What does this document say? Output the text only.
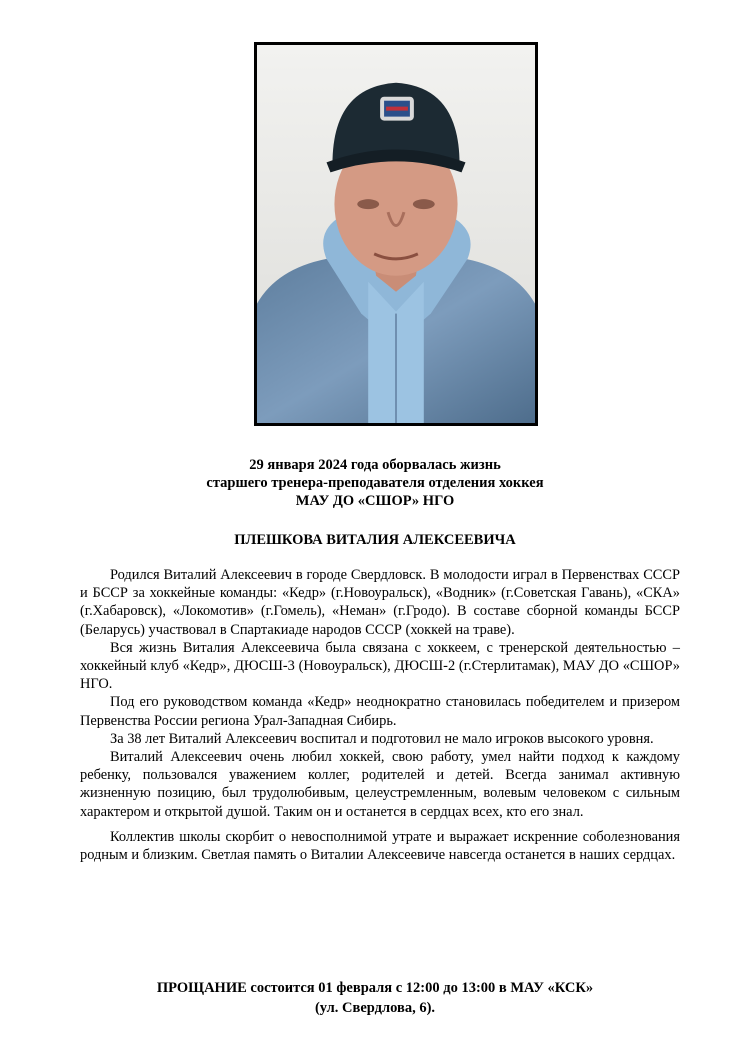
29 января 2024 года оборвалась жизнь
старшего тренера-преподавателя отделения хоккея
МАУ ДО «СШОР» НГО
ПЛЕШКОВА ВИТАЛИЯ АЛЕКСЕЕВИЧА

Родился Виталий Алексеевич в городе Свердловск. В молодости играл в Первенствах СССР и БССР за хоккейные команды: «Кедр» (г.Новоуральск), «Водник» (г.Советская Гавань), «СКА» (г.Хабаровск), «Локомотив» (г.Гомель), «Неман» (г.Гродо). В составе сборной команды БССР (Беларусь) участвовал в Спартакиаде народов СССР (хоккей на траве).

Вся жизнь Виталия Алексеевича была связана с хоккеем, с тренерской деятельностью – хоккейный клуб «Кедр», ДЮСШ-3 (Новоуральск), ДЮСШ-2 (г.Стерлитамак), МАУ ДО «СШОР» НГО.

Под его руководством команда «Кедр» неоднократно становилась победителем и призером Первенства России региона Урал-Западная Сибирь.

За 38 лет Виталий Алексеевич воспитал и подготовил не мало игроков высокого уровня.

Виталий Алексеевич очень любил хоккей, свою работу, умел найти подход к каждому ребенку, пользовался уважением коллег, родителей и детей. Всегда занимал активную жизненную позицию, был трудолюбивым, целеустремленным, волевым человеком с сильным характером и открытой душой. Таким он и останется в сердцах всех, кто его знал.

Коллектив школы скорбит о невосполнимой утрате и выражает искренние соболезнования родным и близким. Светлая память о Виталии Алексеевиче навсегда останется в наших сердцах.

ПРОЩАНИЕ состоится 01 февраля с 12:00 до 13:00 в МАУ «КСК»
(ул. Свердлова, 6).
